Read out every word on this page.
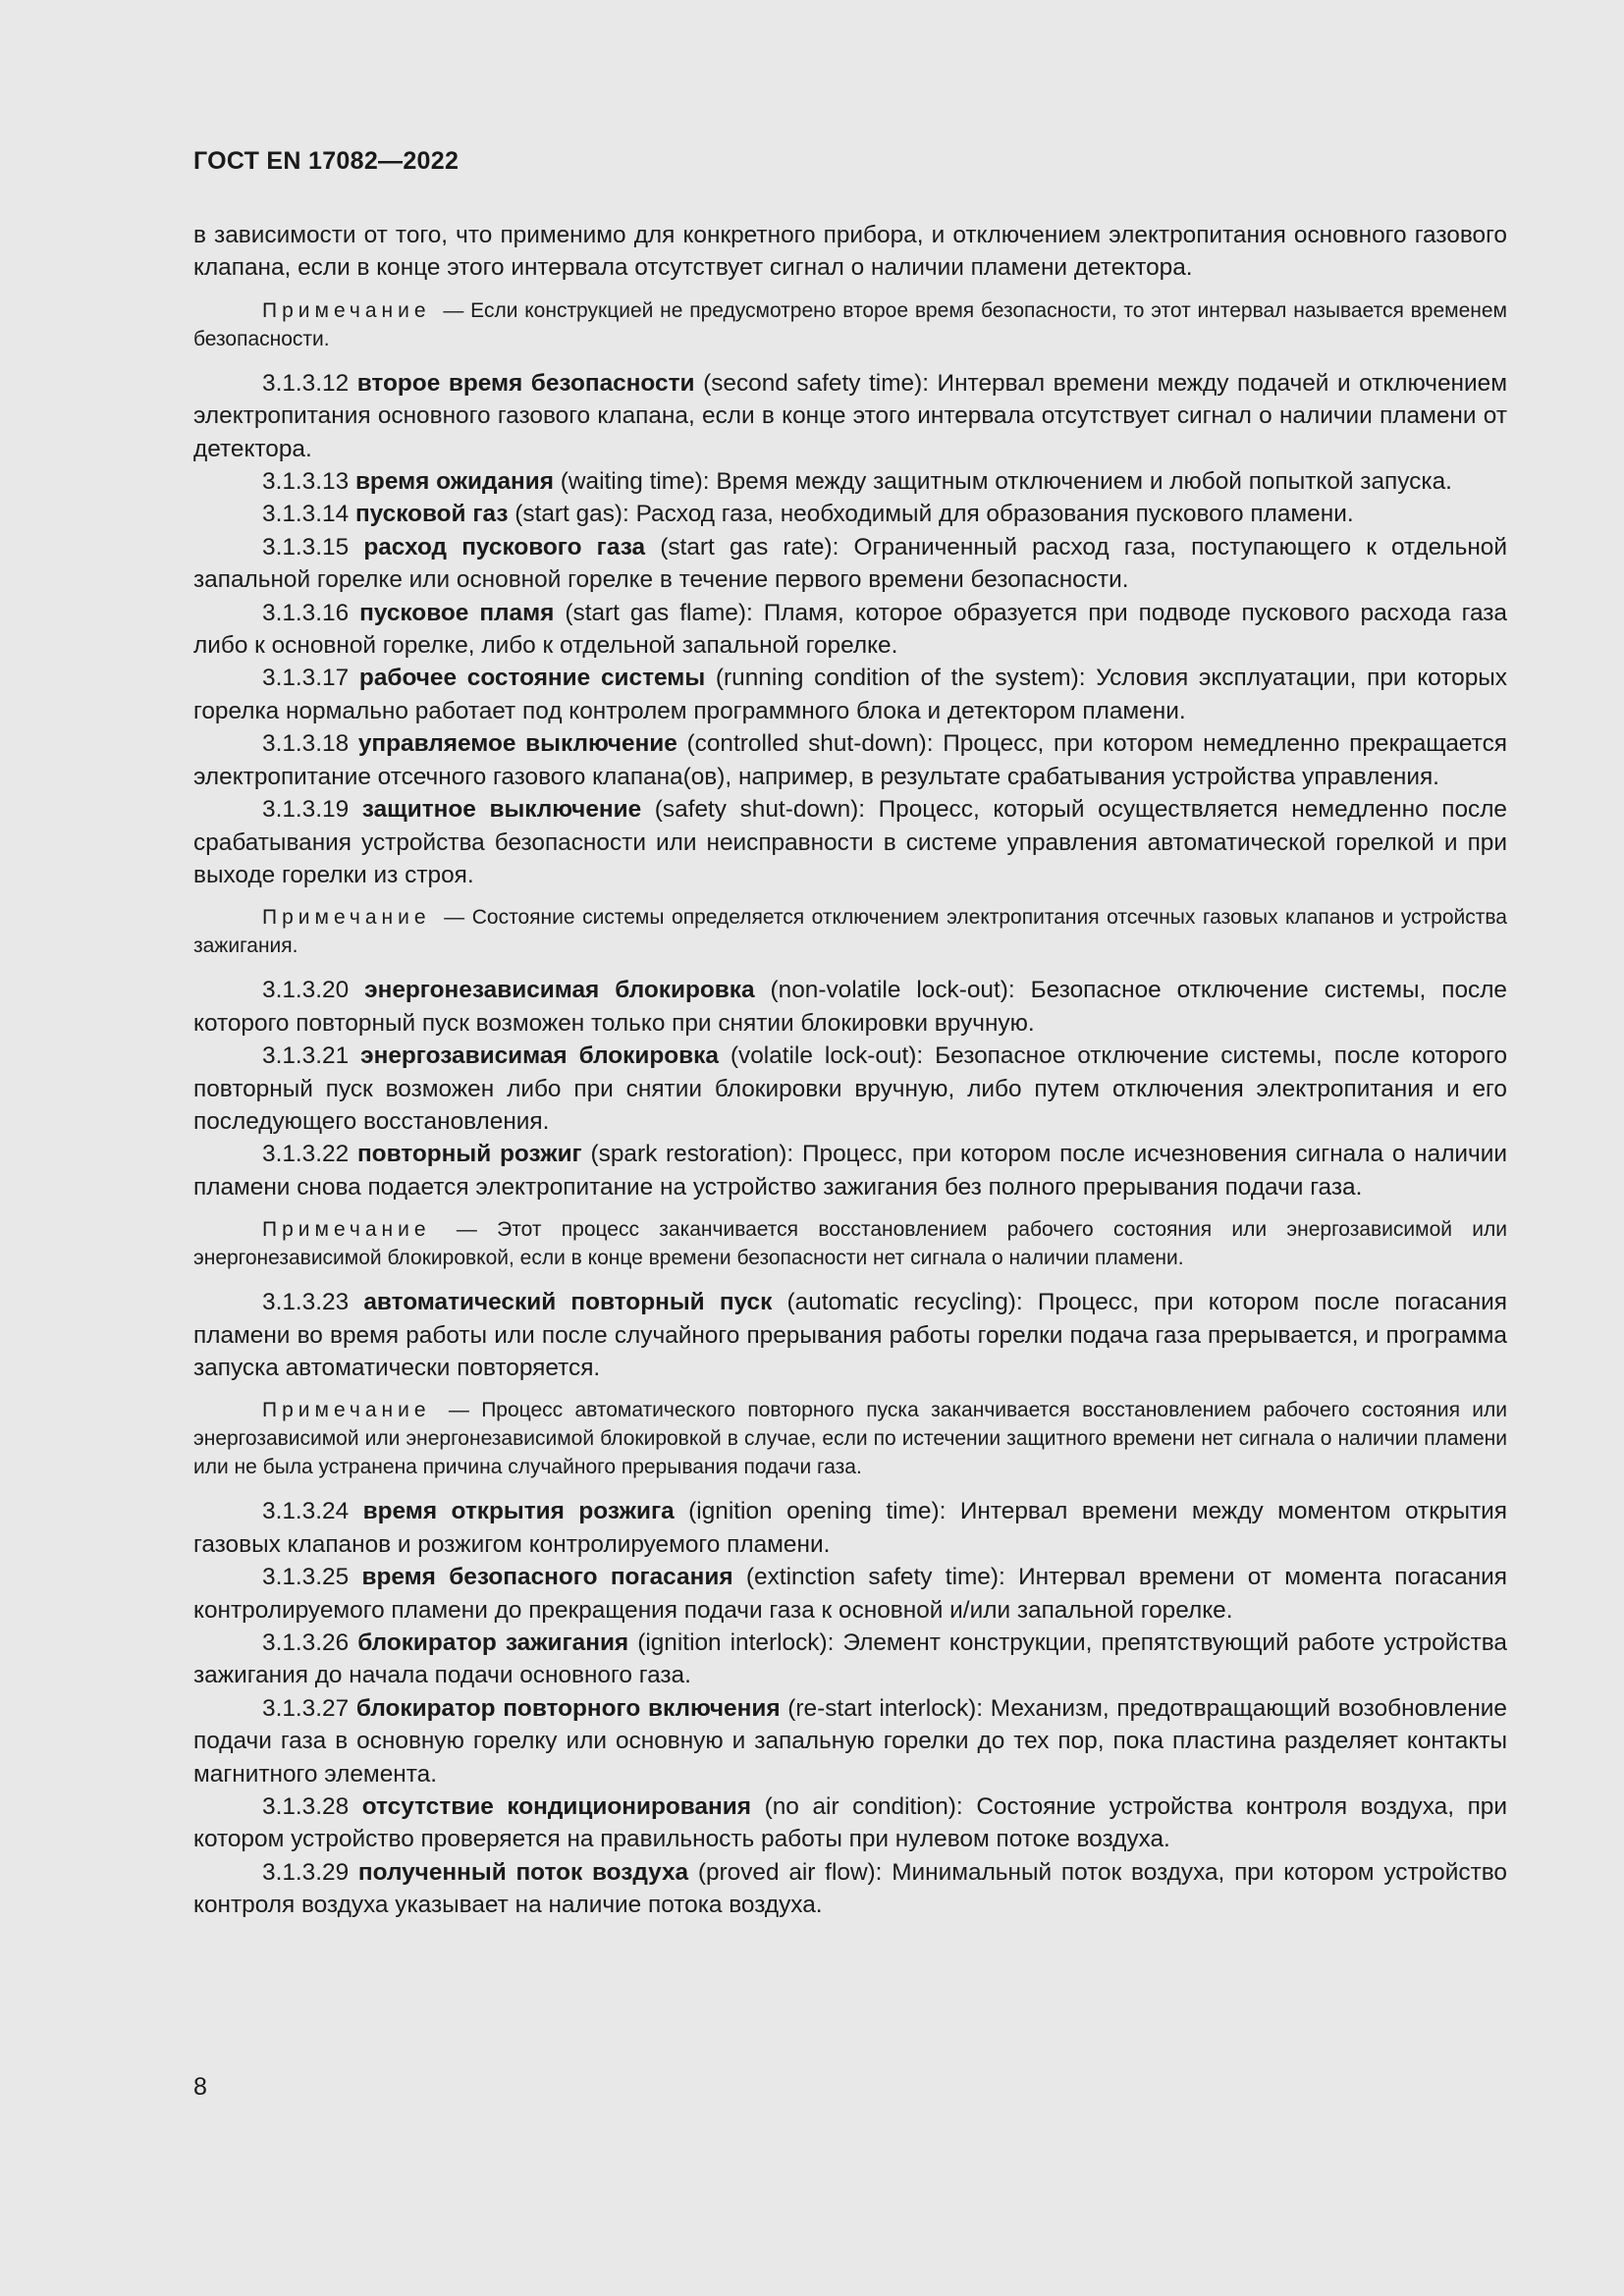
ГОСТ EN 17082—2022

в зависимости от того, что применимо для конкретного прибора, и отключением электропитания основного газового клапана, если в конце этого интервала отсутствует сигнал о наличии пламени детектора.

Примечание — Если конструкцией не предусмотрено второе время безопасности, то этот интервал называется временем безопасности.

3.1.3.12 второе время безопасности (second safety time): Интервал времени между подачей и отключением электропитания основного газового клапана, если в конце этого интервала отсутствует сигнал о наличии пламени от детектора.

3.1.3.13 время ожидания (waiting time): Время между защитным отключением и любой попыткой запуска.

3.1.3.14 пусковой газ (start gas): Расход газа, необходимый для образования пускового пламени.

3.1.3.15 расход пускового газа (start gas rate): Ограниченный расход газа, поступающего к отдельной запальной горелке или основной горелке в течение первого времени безопасности.

3.1.3.16 пусковое пламя (start gas flame): Пламя, которое образуется при подводе пускового расхода газа либо к основной горелке, либо к отдельной запальной горелке.

3.1.3.17 рабочее состояние системы (running condition of the system): Условия эксплуатации, при которых горелка нормально работает под контролем программного блока и детектором пламени.

3.1.3.18 управляемое выключение (controlled shut-down): Процесс, при котором немедленно прекращается электропитание отсечного газового клапана(ов), например, в результате срабатывания устройства управления.

3.1.3.19 защитное выключение (safety shut-down): Процесс, который осуществляется немедленно после срабатывания устройства безопасности или неисправности в системе управления автоматической горелкой и при выходе горелки из строя.

Примечание — Состояние системы определяется отключением электропитания отсечных газовых клапанов и устройства зажигания.

3.1.3.20 энергонезависимая блокировка (non-volatile lock-out): Безопасное отключение системы, после которого повторный пуск возможен только при снятии блокировки вручную.

3.1.3.21 энергозависимая блокировка (volatile lock-out): Безопасное отключение системы, после которого повторный пуск возможен либо при снятии блокировки вручную, либо путем отключения электропитания и его последующего восстановления.

3.1.3.22 повторный розжиг (spark restoration): Процесс, при котором после исчезновения сигнала о наличии пламени снова подается электропитание на устройство зажигания без полного прерывания подачи газа.

Примечание — Этот процесс заканчивается восстановлением рабочего состояния или энергозависимой или энергонезависимой блокировкой, если в конце времени безопасности нет сигнала о наличии пламени.

3.1.3.23 автоматический повторный пуск (automatic recycling): Процесс, при котором после погасания пламени во время работы или после случайного прерывания работы горелки подача газа прерывается, и программа запуска автоматически повторяется.

Примечание — Процесс автоматического повторного пуска заканчивается восстановлением рабочего состояния или энергозависимой или энергонезависимой блокировкой в случае, если по истечении защитного времени нет сигнала о наличии пламени или не была устранена причина случайного прерывания подачи газа.

3.1.3.24 время открытия розжига (ignition opening time): Интервал времени между моментом открытия газовых клапанов и розжигом контролируемого пламени.

3.1.3.25 время безопасного погасания (extinction safety time): Интервал времени от момента погасания контролируемого пламени до прекращения подачи газа к основной и/или запальной горелке.

3.1.3.26 блокиратор зажигания (ignition interlock): Элемент конструкции, препятствующий работе устройства зажигания до начала подачи основного газа.

3.1.3.27 блокиратор повторного включения (re-start interlock): Механизм, предотвращающий возобновление подачи газа в основную горелку или основную и запальную горелки до тех пор, пока пластина разделяет контакты магнитного элемента.

3.1.3.28 отсутствие кондиционирования (no air condition): Состояние устройства контроля воздуха, при котором устройство проверяется на правильность работы при нулевом потоке воздуха.

3.1.3.29 полученный поток воздуха (proved air flow): Минимальный поток воздуха, при котором устройство контроля воздуха указывает на наличие потока воздуха.

8
